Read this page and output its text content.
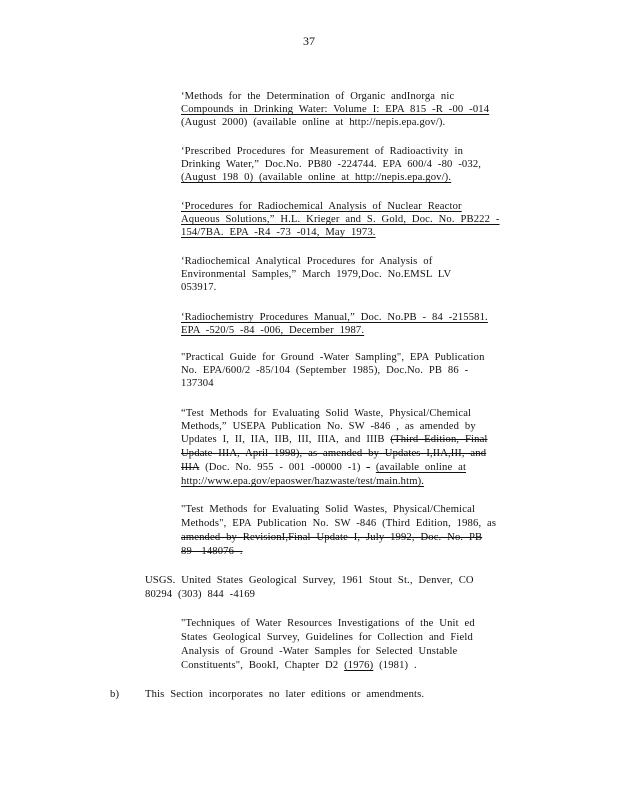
37
‘Methods for the Determination of Organic andInorga nic
Compounds in Drinking Water: Volume I: EPA 815 -R -00 -014
(August 2000) (available online at http://nepis.epa.gov/).
‘Prescribed Procedures for Measurement of Radioactivity in
Drinking Water,” Doc.No. PB80 -224744. EPA 600/4 -80 -032,
(August 198 0) (available online at http://nepis.epa.gov/).
‘Procedures for Radiochemical Analysis of Nuclear Reactor
Aqueous Solutions,” H.L. Krieger and S. Gold, Doc. No. PB222 -
154/7BA. EPA -R4 -73 -014, May 1973.
‘Radiochemical Analytical Procedures for Analysis of
Environmental Samples,” March 1979,Doc. No.EMSL LV
053917.
‘Radiochemistry Procedures Manual,” Doc. No.PB - 84 -215581.
EPA -520/5 -84 -006, December 1987.
"Practical Guide for Ground -Water Sampling", EPA Publication
No. EPA/600/2 -85/104 (September 1985), Doc.No. PB 86 -
137304
“Test Methods for Evaluating Solid Waste, Physical/Chemical
Methods,” USEPA Publication No. SW -846 , as amended by
Updates I, II, IIA, IIB, III, IIIA, and IIIB (Third Edition, Final
Update IIIA, April 1998), as amended by Updates I,IIA,III, and
IIIA (Doc. No. 955 - 001 -00000 -1) - (available online at
http://www.epa.gov/epaoswer/hazwaste/test/main.htm).
"Test Methods for Evaluating Solid Wastes, Physical/Chemical
Methods", EPA Publication No. SW -846 (Third Edition, 1986, as
amended by RevisionI,Final Update I, July 1992, Doc. No. PB
89 -148076 .
USGS. United States Geological Survey, 1961 Stout St., Denver, CO
80294 (303) 844 -4169
"Techniques of Water Resources Investigations of the Unit ed
States Geological Survey, Guidelines for Collection and Field
Analysis of Ground -Water Samples for Selected Unstable
Constituents", BookI, Chapter D2 (1976) (1981) .
b) This Section incorporates no later editions or amendments.
